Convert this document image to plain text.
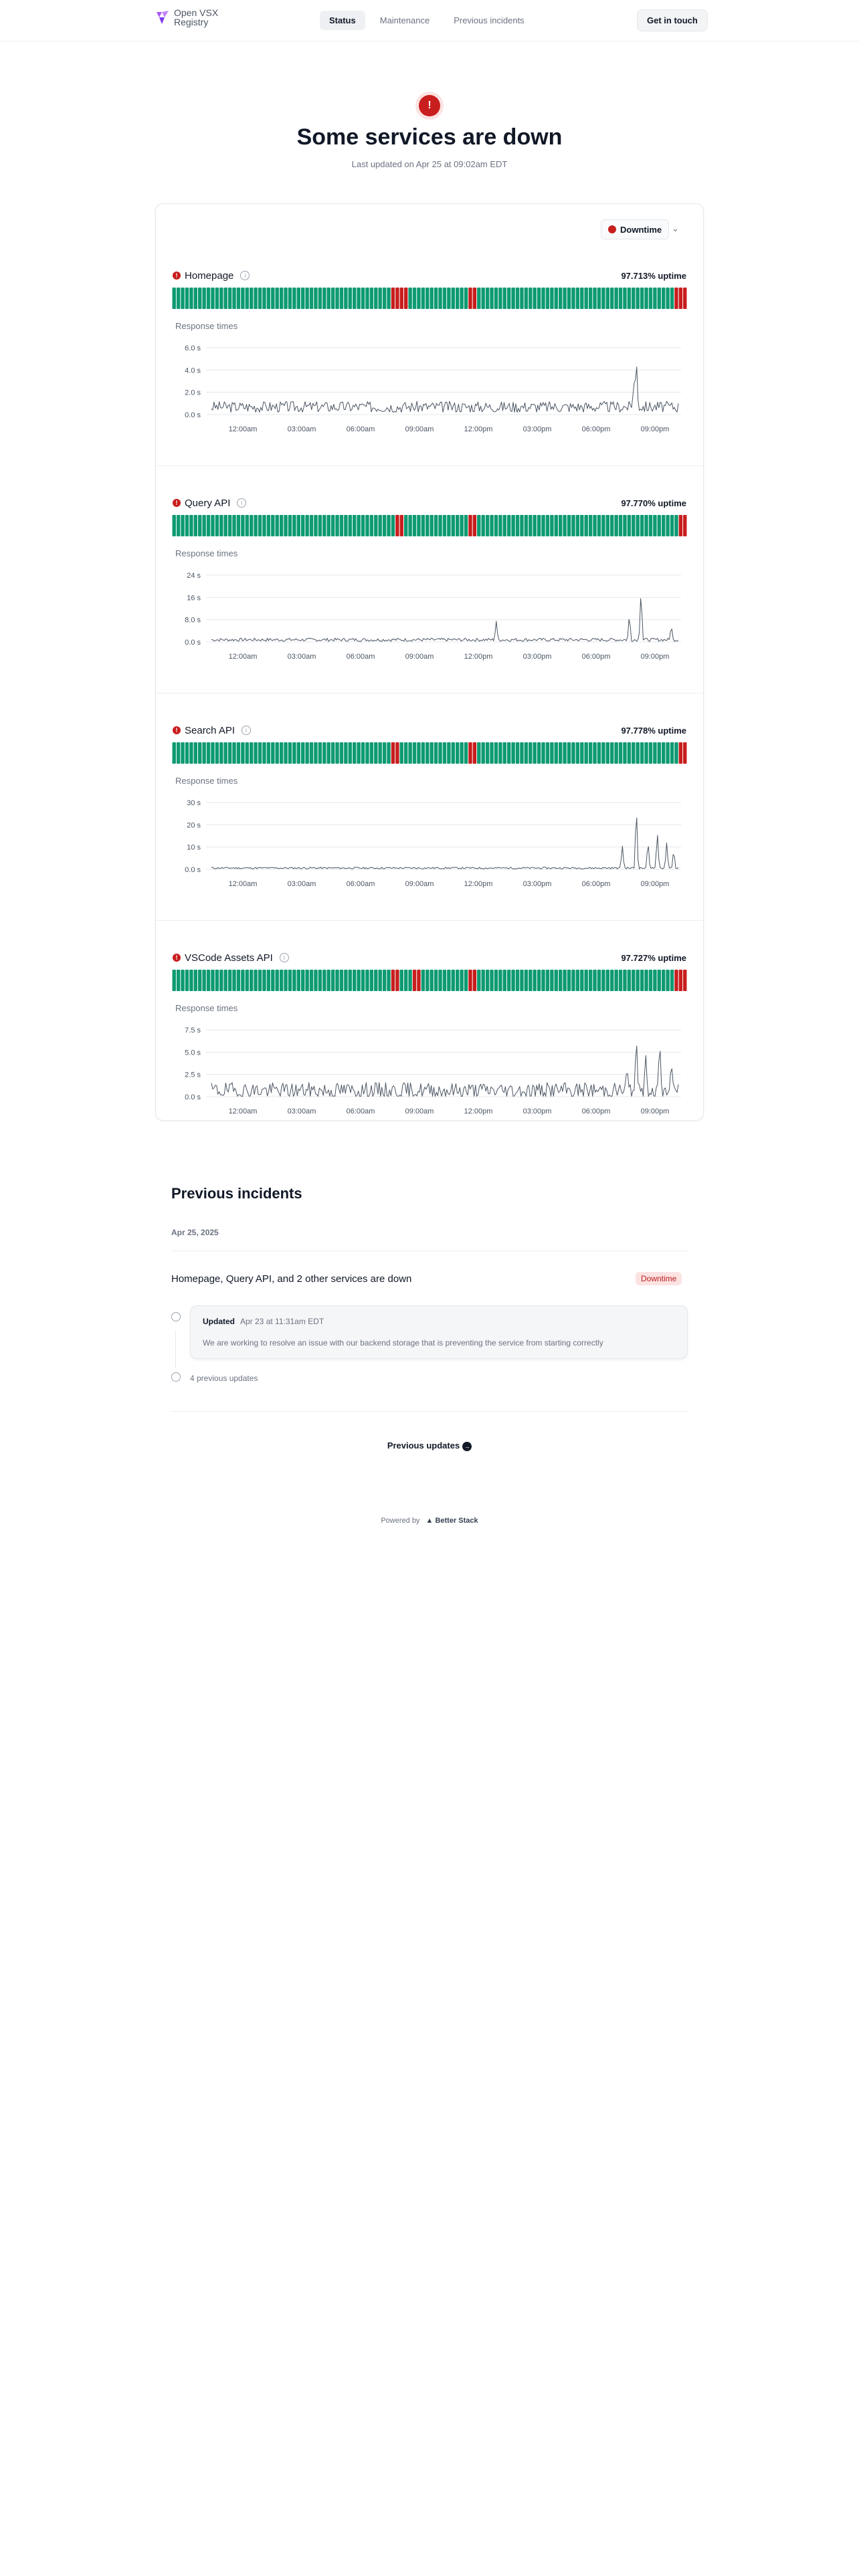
Open VSX
Registry	Status	Maintenance	Previous incidents	Get in touch
!
Some services are down
Last updated on Apr 25 at 09:02am EDT
Downtime ⌄
! Homepage	i	97.713% uptime
Response times
6.0 s
4.0 s
2.0 s
0.0 s
12:00am	03:00am	06:00am	09:00am	12:00pm	03:00pm	06:00pm	09:00pm
! Query API	i	97.770% uptime
Response times
24 s
16 s
8.0 s
0.0 s
12:00am	03:00am	06:00am	09:00am	12:00pm	03:00pm	06:00pm	09:00pm
! Search API	i	97.778% uptime
Response times
30 s
20 s
10 s
0.0 s
12:00am	03:00am	06:00am	09:00am	12:00pm	03:00pm	06:00pm	09:00pm
! VSCode Assets API	i	97.727% uptime
Response times
7.5 s
5.0 s
2.5 s
0.0 s
12:00am	03:00am	06:00am	09:00am	12:00pm	03:00pm	06:00pm	09:00pm
Previous incidents
Apr 25, 2025
Homepage, Query API, and 2 other services are down	Downtime
Updated Apr 23 at 11:31am EDT
We are working to resolve an issue with our backend storage that is preventing the service from starting correctly
4 previous updates
Previous updates →
Powered by ▲ Better Stack
